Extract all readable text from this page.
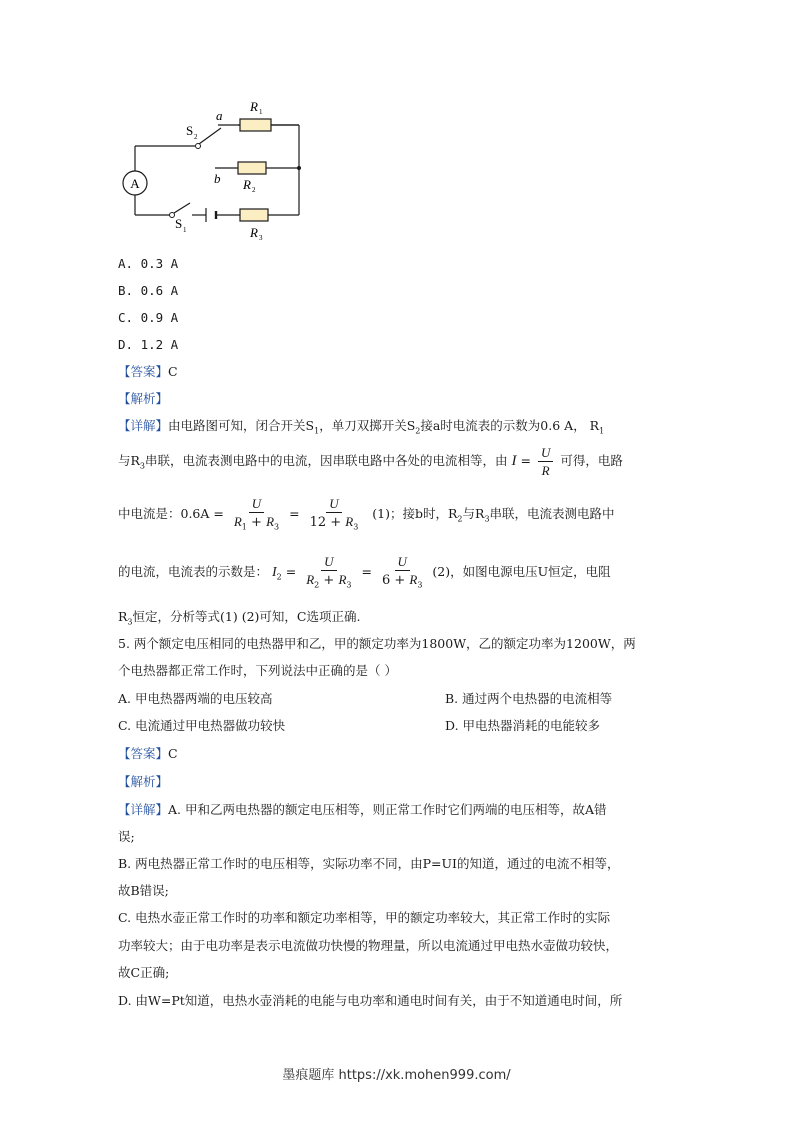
A
a
b
R 1
R 2
R 3
S 2
S 1
A. 0.3 A
B. 0.6 A
C. 0.9 A
D. 1.2 A
【答案】C
【解析】
【详解】由电路图可知，闭合开关$S_1$，单刀双掷开关$S_2$接a时电流表的示数为0.6 A， $R_1$
与$R_3$串联，电流表测电路中的电流，因串联电路中各处的电流相等，由 $I = \frac{U}{R}$ 可得，电路
中电流是：$0.6A = \frac{U}{R_1 + R_3} = \frac{U}{12 + R_3} (1)$；接b时，$R_2$与$R_3$串联，电流表测电路中
的电流，电流表的示数是： $I_2 = \frac{U}{R_2 + R_3} = \frac{U}{6 + R_3} (2)$，如图电源电压U恒定，电阻
$R_3$恒定，分析等式(1) (2)可知，C选项正确.
5. 两个额定电压相同的电热器甲和乙，甲的额定功率为1800W，乙的额定功率为1200W，两
个电热器都正常工作时，下列说法中正确的是（ ）
A. 甲电热器两端的电压较高	B. 通过两个电热器的电流相等
C. 电流通过甲电热器做功较快	D. 甲电热器消耗的电能较多
【答案】C
【解析】
【详解】A. 甲和乙两电热器的额定电压相等，则正常工作时它们两端的电压相等，故A错
误;
B. 两电热器正常工作时的电压相等，实际功率不同，由P=UI的知道，通过的电流不相等，
故B错误;
C. 电热水壶正常工作时的功率和额定功率相等，甲的额定功率较大，其正常工作时的实际
功率较大；由于电功率是表示电流做功快慢的物理量，所以电流通过甲电热水壶做功较快，
故C正确;
D. 由W=Pt知道，电热水壶消耗的电能与电功率和通电时间有关，由于不知道通电时间，所
墨痕题库 https://xk.mohen999.com/
